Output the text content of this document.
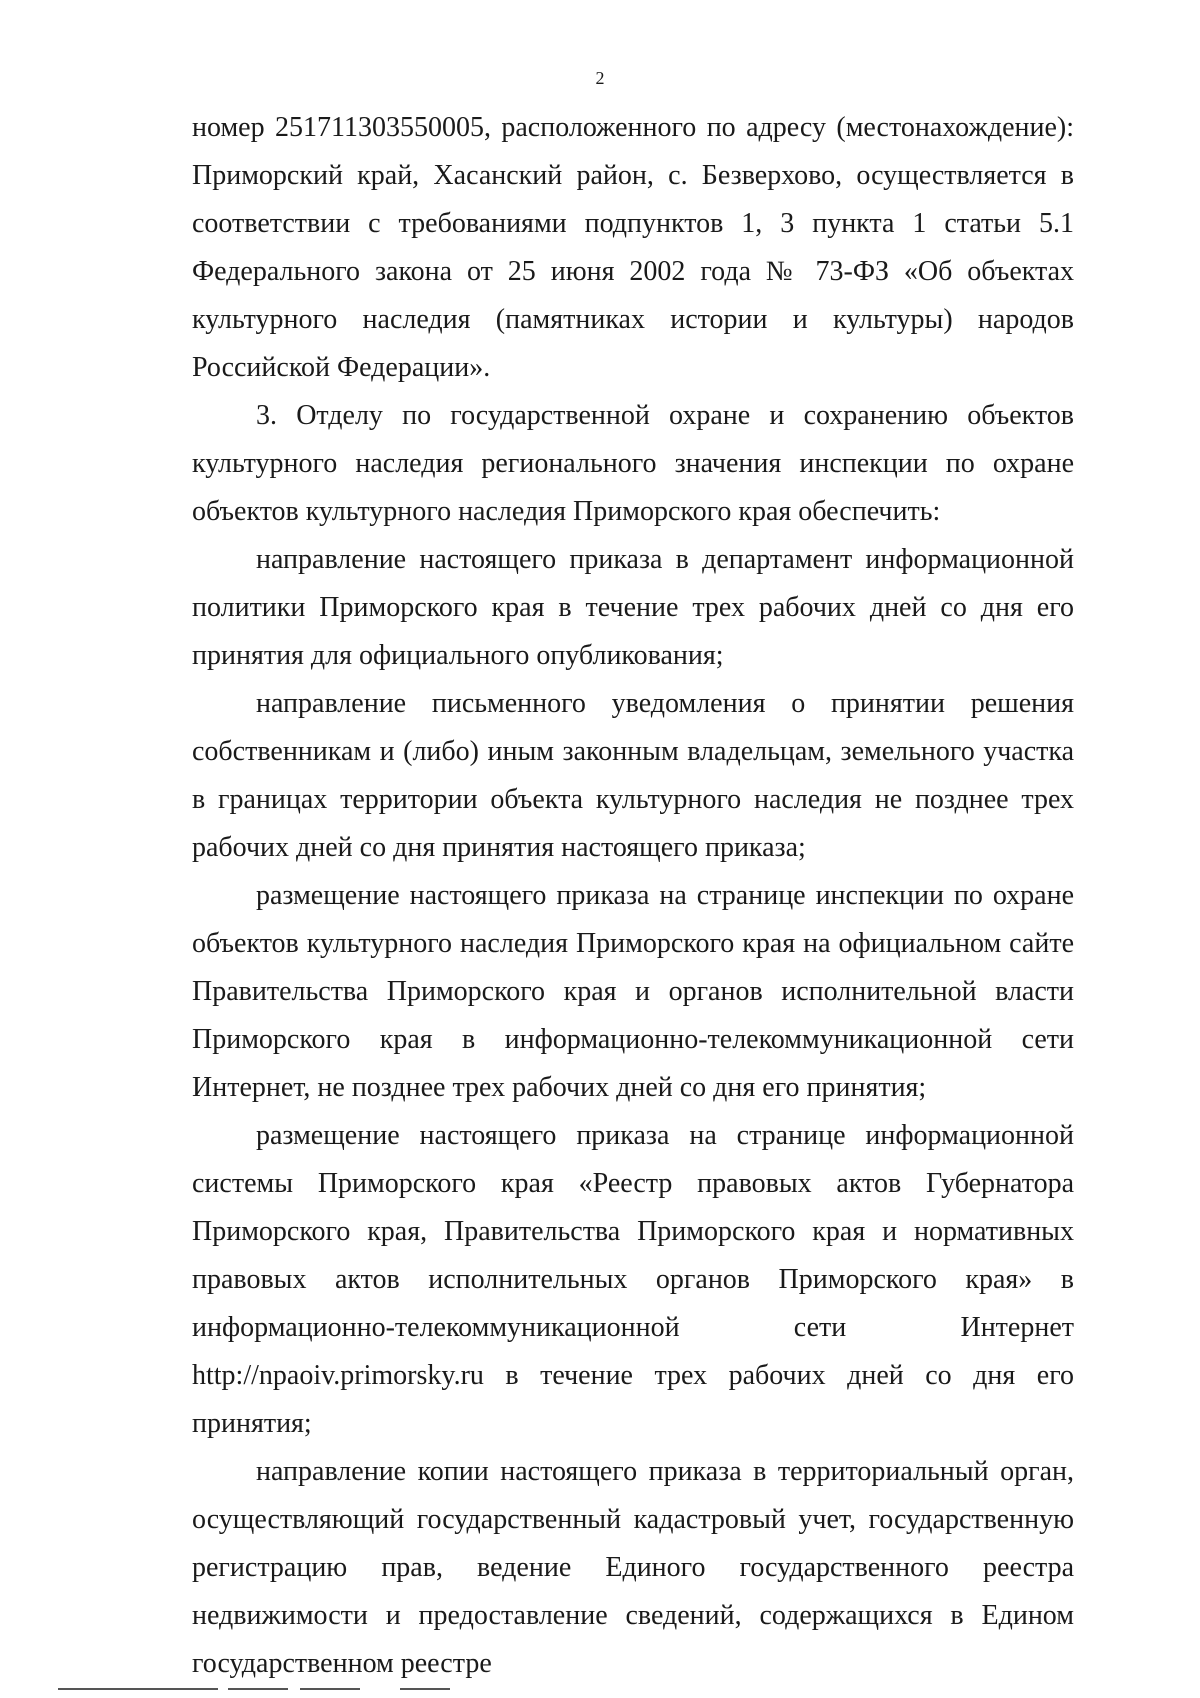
2

номер 251711303550005, расположенного по адресу (местонахождение): Приморский край, Хасанский район, с. Безверхово, осуществляется в соответствии с требованиями подпунктов 1, 3 пункта 1 статьи 5.1 Федерального закона от 25 июня 2002 года № 73-ФЗ «Об объектах культурного наследия (памятниках истории и культуры) народов Российской Федерации».

3. Отделу по государственной охране и сохранению объектов культурного наследия регионального значения инспекции по охране объектов культурного наследия Приморского края обеспечить:

направление настоящего приказа в департамент информационной политики Приморского края в течение трех рабочих дней со дня его принятия для официального опубликования;

направление письменного уведомления о принятии решения собственникам и (либо) иным законным владельцам, земельного участка в границах территории объекта культурного наследия не позднее трех рабочих дней со дня принятия настоящего приказа;

размещение настоящего приказа на странице инспекции по охране объектов культурного наследия Приморского края на официальном сайте Правительства Приморского края и органов исполнительной власти Приморского края в информационно-телекоммуникационной сети Интернет, не позднее трех рабочих дней со дня его принятия;

размещение настоящего приказа на странице информационной системы Приморского края «Реестр правовых актов Губернатора Приморского края, Правительства Приморского края и нормативных правовых актов исполнительных органов Приморского края» в информационно-телекоммуникационной сети Интернет http://npaoiv.primorsky.ru в течение трех рабочих дней со дня его принятия;

направление копии настоящего приказа в территориальный орган, осуществляющий государственный кадастровый учет, государственную регистрацию прав, ведение Единого государственного реестра недвижимости и предоставление сведений, содержащихся в Едином государственном реестре
